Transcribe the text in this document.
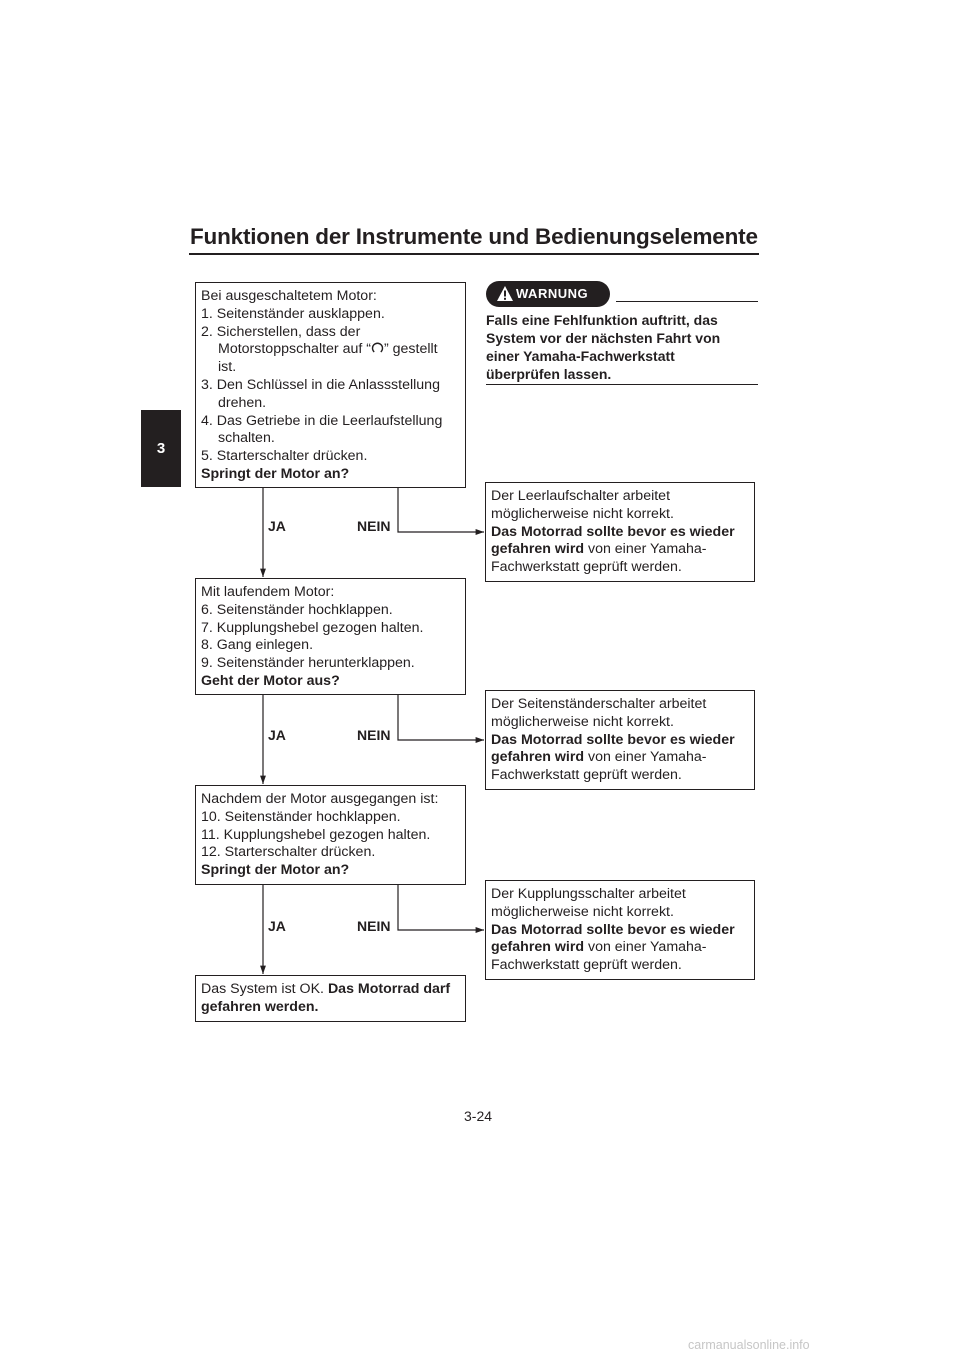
Funktionen der Instrumente und Bedienungselemente
3
Bei ausgeschaltetem Motor:
1. Seitenständer ausklappen.
2. Sicherstellen, dass der
Motorstoppschalter auf “ ” gestellt
ist.
3. Den Schlüssel in die Anlassstellung
drehen.
4. Das Getriebe in die Leerlaufstellung
schalten.
5. Starterschalter drücken.
Springt der Motor an?
JA	NEIN
Der Leerlaufschalter arbeitet
möglicherweise nicht korrekt.
Das Motorrad sollte bevor es wieder
gefahren wird von einer Yamaha-
Fachwerkstatt geprüft werden.
Mit laufendem Motor:
6. Seitenständer hochklappen.
7. Kupplungshebel gezogen halten.
8. Gang einlegen.
9. Seitenständer herunterklappen.
Geht der Motor aus?
JA	NEIN
Der Seitenständerschalter arbeitet
möglicherweise nicht korrekt.
Das Motorrad sollte bevor es wieder
gefahren wird von einer Yamaha-
Fachwerkstatt geprüft werden.
Nachdem der Motor ausgegangen ist:
10. Seitenständer hochklappen.
11. Kupplungshebel gezogen halten.
12. Starterschalter drücken.
Springt der Motor an?
JA	NEIN
Der Kupplungsschalter arbeitet
möglicherweise nicht korrekt.
Das Motorrad sollte bevor es wieder
gefahren wird von einer Yamaha-
Fachwerkstatt geprüft werden.
Das System ist OK. Das Motorrad darf
gefahren werden.
WARNUNG
Falls eine Fehlfunktion auftritt, das
System vor der nächsten Fahrt von
einer Yamaha-Fachwerkstatt
überprüfen lassen.
3-24
carmanualsonline.info
